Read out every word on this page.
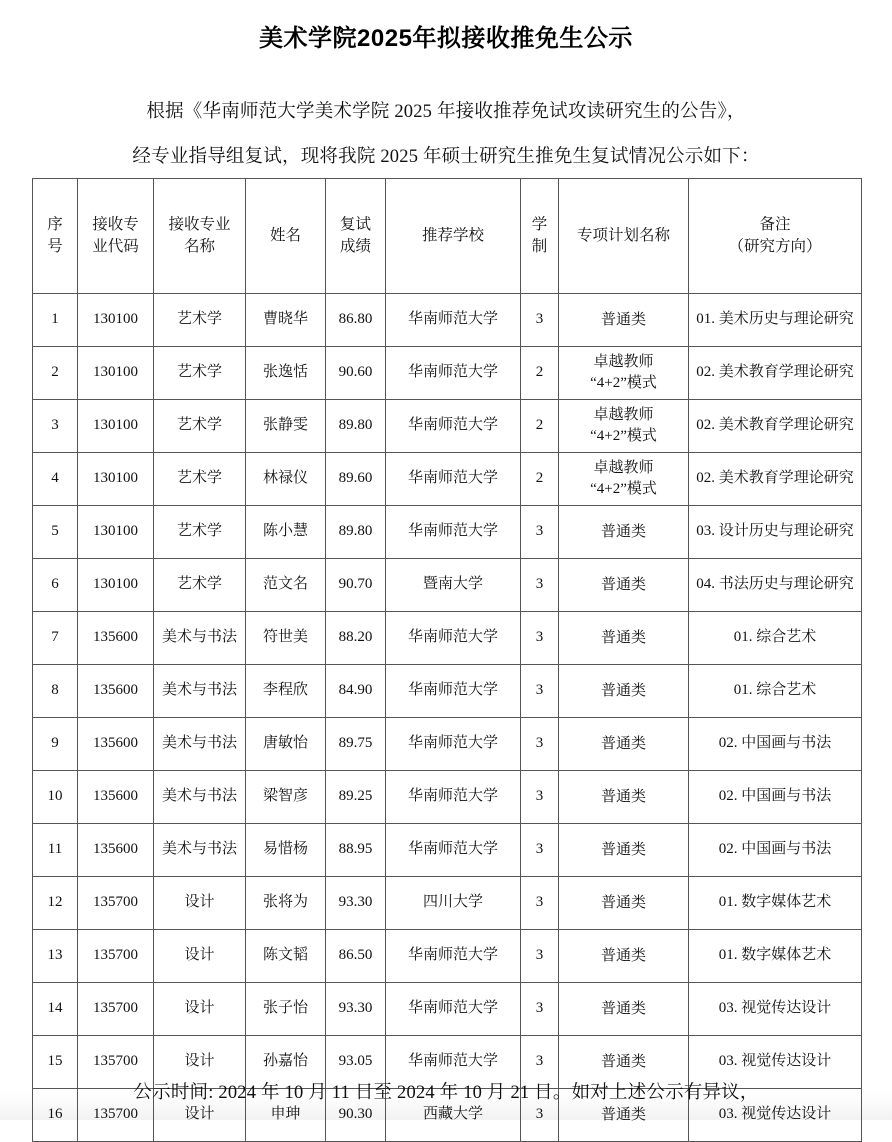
美术学院2025年拟接收推免生公示
根据《华南师范大学美术学院 2025 年接收推荐免试攻读研究生的公告》，
经专业指导组复试，现将我院 2025 年硕士研究生推免生复试情况公示如下：
序
号	接收专
业代码	接收专业
名称	姓名	复试
成绩	推荐学校	学
制	专项计划名称	备注
（研究方向）

1	130100	艺术学	曹晓华	86.80	华南师范大学	3	普通类	01. 美术历史与理论研究
2	130100	艺术学	张逸恬	90.60	华南师范大学	2	卓越教师
“4+2”模式	02. 美术教育学理论研究
3	130100	艺术学	张静雯	89.80	华南师范大学	2	卓越教师
“4+2”模式	02. 美术教育学理论研究
4	130100	艺术学	林禄仪	89.60	华南师范大学	2	卓越教师
“4+2”模式	02. 美术教育学理论研究
5	130100	艺术学	陈小慧	89.80	华南师范大学	3	普通类	03. 设计历史与理论研究
6	130100	艺术学	范文名	90.70	暨南大学	3	普通类	04. 书法历史与理论研究
7	135600	美术与书法	符世美	88.20	华南师范大学	3	普通类	01. 综合艺术
8	135600	美术与书法	李程欣	84.90	华南师范大学	3	普通类	01. 综合艺术
9	135600	美术与书法	唐敏怡	89.75	华南师范大学	3	普通类	02. 中国画与书法
10	135600	美术与书法	梁智彦	89.25	华南师范大学	3	普通类	02. 中国画与书法
11	135600	美术与书法	易惜杨	88.95	华南师范大学	3	普通类	02. 中国画与书法
12	135700	设计	张将为	93.30	四川大学	3	普通类	01. 数字媒体艺术
13	135700	设计	陈文韬	86.50	华南师范大学	3	普通类	01. 数字媒体艺术
14	135700	设计	张子怡	93.30	华南师范大学	3	普通类	03. 视觉传达设计
15	135700	设计	孙嘉怡	93.05	华南师范大学	3	普通类	03. 视觉传达设计
16	135700	设计	申珅	90.30	西藏大学	3	普通类	03. 视觉传达设计
公示时间: 2024 年 10 月 11 日至 2024 年 10 月 21 日。如对上述公示有异议，
